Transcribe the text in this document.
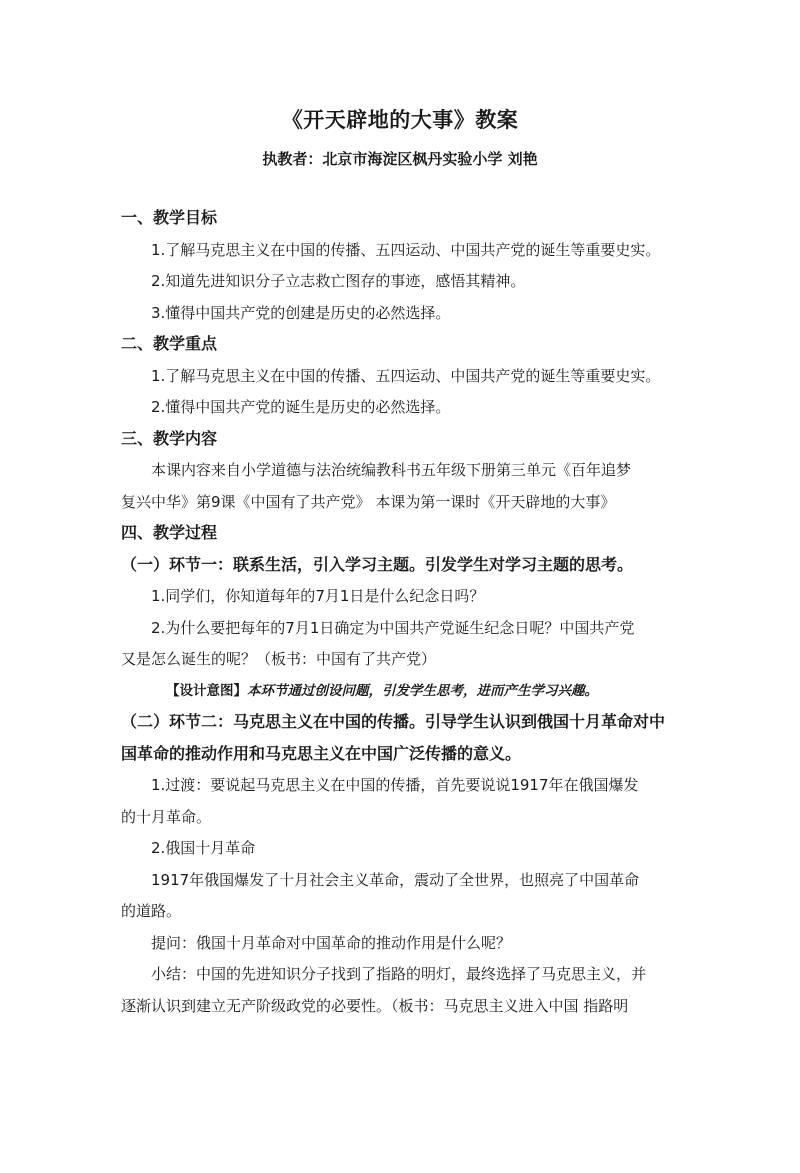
《开天辟地的大事》教案
执教者：北京市海淀区枫丹实验小学 刘艳
一、教学目标
1.了解马克思主义在中国的传播、五四运动、中国共产党的诞生等重要史实。
2.知道先进知识分子立志救亡图存的事迹，感悟其精神。
3.懂得中国共产党的创建是历史的必然选择。
二、教学重点
1.了解马克思主义在中国的传播、五四运动、中国共产党的诞生等重要史实。
2.懂得中国共产党的诞生是历史的必然选择。
三、教学内容
本课内容来自小学道德与法治统编教科书五年级下册第三单元《百年追梦
复兴中华》第9课《中国有了共产党》 本课为第一课时《开天辟地的大事》
四、教学过程
（一）环节一：联系生活，引入学习主题。引发学生对学习主题的思考。
1.同学们，你知道每年的7月1日是什么纪念日吗？
2.为什么要把每年的7月1日确定为中国共产党诞生纪念日呢？中国共产党
又是怎么诞生的呢？（板书：中国有了共产党）
【设计意图】本环节通过创设问题，引发学生思考，进而产生学习兴趣。
（二）环节二：马克思主义在中国的传播。引导学生认识到俄国十月革命对中
国革命的推动作用和马克思主义在中国广泛传播的意义。
1.过渡：要说起马克思主义在中国的传播，首先要说说1917年在俄国爆发
的十月革命。
2.俄国十月革命
1917年俄国爆发了十月社会主义革命，震动了全世界，也照亮了中国革命
的道路。
提问：俄国十月革命对中国革命的推动作用是什么呢？
小结：中国的先进知识分子找到了指路的明灯，最终选择了马克思主义，并
逐渐认识到建立无产阶级政党的必要性。（板书：马克思主义进入中国 指路明
